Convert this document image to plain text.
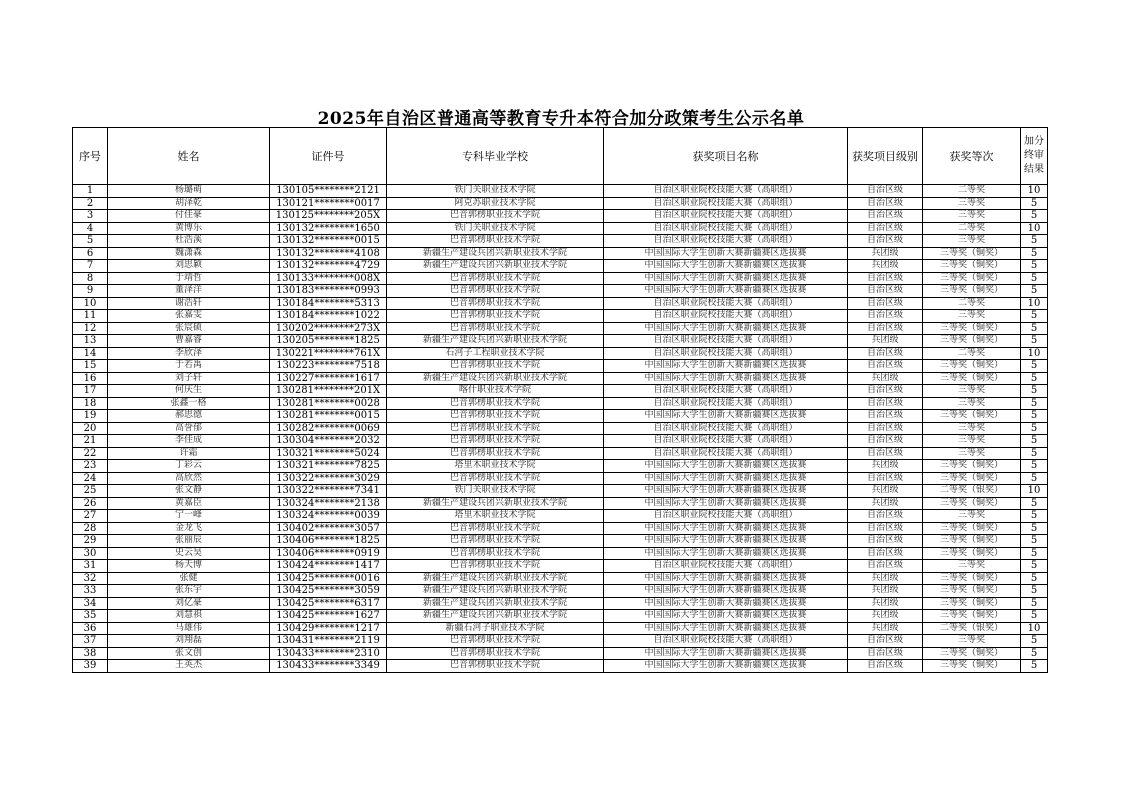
2025年自治区普通高等教育专升本符合加分政策考生公示名单
序号	姓名	证件号	专科毕业学校	获奖项目名称	获奖项目级别	获奖等次	加分终审结果
1	杨璐萌	130105********2121	铁门关职业技术学院	自治区职业院校技能大赛（高职组）	自治区级	二等奖	10
2	胡泽乾	130121********0017	阿克苏职业技术学院	自治区职业院校技能大赛（高职组）	自治区级	三等奖	5
3	付佳豪	130125********205X	巴音郭楞职业技术学院	自治区职业院校技能大赛（高职组）	自治区级	三等奖	5
4	黄博乐	130132********1650	铁门关职业技术学院	自治区职业院校技能大赛（高职组）	自治区级	二等奖	10
5	杜浩溪	130132********0015	巴音郭楞职业技术学院	自治区职业院校技能大赛（高职组）	自治区级	三等奖	5
6	魏潇森	130132********4108	新疆生产建设兵团兴新职业技术学院	中国国际大学生创新大赛新疆赛区选拔赛	兵团级	三等奖（铜奖）	5
7	刘思颖	130132********4729	新疆生产建设兵团兴新职业技术学院	中国国际大学生创新大赛新疆赛区选拔赛	兵团级	三等奖（铜奖）	5
8	于靖哲	130133********008X	巴音郭楞职业技术学院	中国国际大学生创新大赛新疆赛区选拔赛	自治区级	三等奖（铜奖）	5
9	董泽洋	130183********0993	巴音郭楞职业技术学院	中国国际大学生创新大赛新疆赛区选拔赛	自治区级	三等奖（铜奖）	5
10	谢浩轩	130184********5313	巴音郭楞职业技术学院	自治区职业院校技能大赛（高职组）	自治区级	二等奖	10
11	张嘉雯	130184********1022	巴音郭楞职业技术学院	自治区职业院校技能大赛（高职组）	自治区级	三等奖	5
12	张宸硕	130202********273X	巴音郭楞职业技术学院	中国国际大学生创新大赛新疆赛区选拔赛	自治区级	三等奖（铜奖）	5
13	曹嘉睿	130205********1825	新疆生产建设兵团兴新职业技术学院	自治区职业院校技能大赛（高职组）	兵团级	三等奖（铜奖）	5
14	李欣泽	130221********761X	石河子工程职业技术学院	自治区职业院校技能大赛（高职组）	自治区级	二等奖	10
15	于若禹	130223********7518	巴音郭楞职业技术学院	中国国际大学生创新大赛新疆赛区选拔赛	自治区级	三等奖（铜奖）	5
16	刘子轩	130227********1617	新疆生产建设兵团兴新职业技术学院	中国国际大学生创新大赛新疆赛区选拔赛	兵团级	三等奖（铜奖）	5
17	何庆生	130281********201X	喀什职业技术学院	自治区职业院校技能大赛（高职组）	自治区级	三等奖	5
18	张鑫一格	130281********0028	巴音郭楞职业技术学院	自治区职业院校技能大赛（高职组）	自治区级	三等奖	5
19	郝思德	130281********0015	巴音郭楞职业技术学院	中国国际大学生创新大赛新疆赛区选拔赛	自治区级	三等奖（铜奖）	5
20	高誉郁	130282********0069	巴音郭楞职业技术学院	自治区职业院校技能大赛（高职组）	自治区级	三等奖	5
21	李佳成	130304********2032	巴音郭楞职业技术学院	自治区职业院校技能大赛（高职组）	自治区级	三等奖	5
22	许霜	130321********5024	巴音郭楞职业技术学院	自治区职业院校技能大赛（高职组）	自治区级	三等奖	5
23	丁彩云	130321********7825	塔里木职业技术学院	中国国际大学生创新大赛新疆赛区选拔赛	兵团级	三等奖（铜奖）	5
24	高欣然	130322********3029	巴音郭楞职业技术学院	中国国际大学生创新大赛新疆赛区选拔赛	自治区级	三等奖（铜奖）	5
25	张文静	130322********7341	铁门关职业技术学院	中国国际大学生创新大赛新疆赛区选拔赛	兵团级	二等奖（银奖）	10
26	黄嘉臣	130324********2138	新疆生产建设兵团兴新职业技术学院	中国国际大学生创新大赛新疆赛区选拔赛	兵团级	三等奖（铜奖）	5
27	宁一峰	130324********0039	塔里木职业技术学院	自治区职业院校技能大赛（高职组）	自治区级	三等奖	5
28	金龙飞	130402********3057	巴音郭楞职业技术学院	中国国际大学生创新大赛新疆赛区选拔赛	自治区级	三等奖（铜奖）	5
29	张丽辰	130406********1825	巴音郭楞职业技术学院	中国国际大学生创新大赛新疆赛区选拔赛	自治区级	三等奖（铜奖）	5
30	史云昊	130406********0919	巴音郭楞职业技术学院	中国国际大学生创新大赛新疆赛区选拔赛	自治区级	三等奖（铜奖）	5
31	杨天博	130424********1417	巴音郭楞职业技术学院	自治区职业院校技能大赛（高职组）	自治区级	三等奖	5
32	张健	130425********0016	新疆生产建设兵团兴新职业技术学院	中国国际大学生创新大赛新疆赛区选拔赛	兵团级	三等奖（铜奖）	5
33	张东宇	130425********3059	新疆生产建设兵团兴新职业技术学院	中国国际大学生创新大赛新疆赛区选拔赛	兵团级	三等奖（铜奖）	5
34	刘亿豪	130425********6317	新疆生产建设兵团兴新职业技术学院	中国国际大学生创新大赛新疆赛区选拔赛	兵团级	三等奖（铜奖）	5
35	刘慧祺	130425********1627	新疆生产建设兵团兴新职业技术学院	中国国际大学生创新大赛新疆赛区选拔赛	兵团级	三等奖（铜奖）	5
36	马雄伟	130429********1217	新疆石河子职业技术学院	中国国际大学生创新大赛新疆赛区选拔赛	兵团级	二等奖（银奖）	10
37	刘翔磊	130431********2119	巴音郭楞职业技术学院	自治区职业院校技能大赛（高职组）	自治区级	三等奖	5
38	张文创	130433********2310	巴音郭楞职业技术学院	中国国际大学生创新大赛新疆赛区选拔赛	自治区级	三等奖（铜奖）	5
39	王英杰	130433********3349	巴音郭楞职业技术学院	中国国际大学生创新大赛新疆赛区选拔赛	自治区级	三等奖（铜奖）	5
